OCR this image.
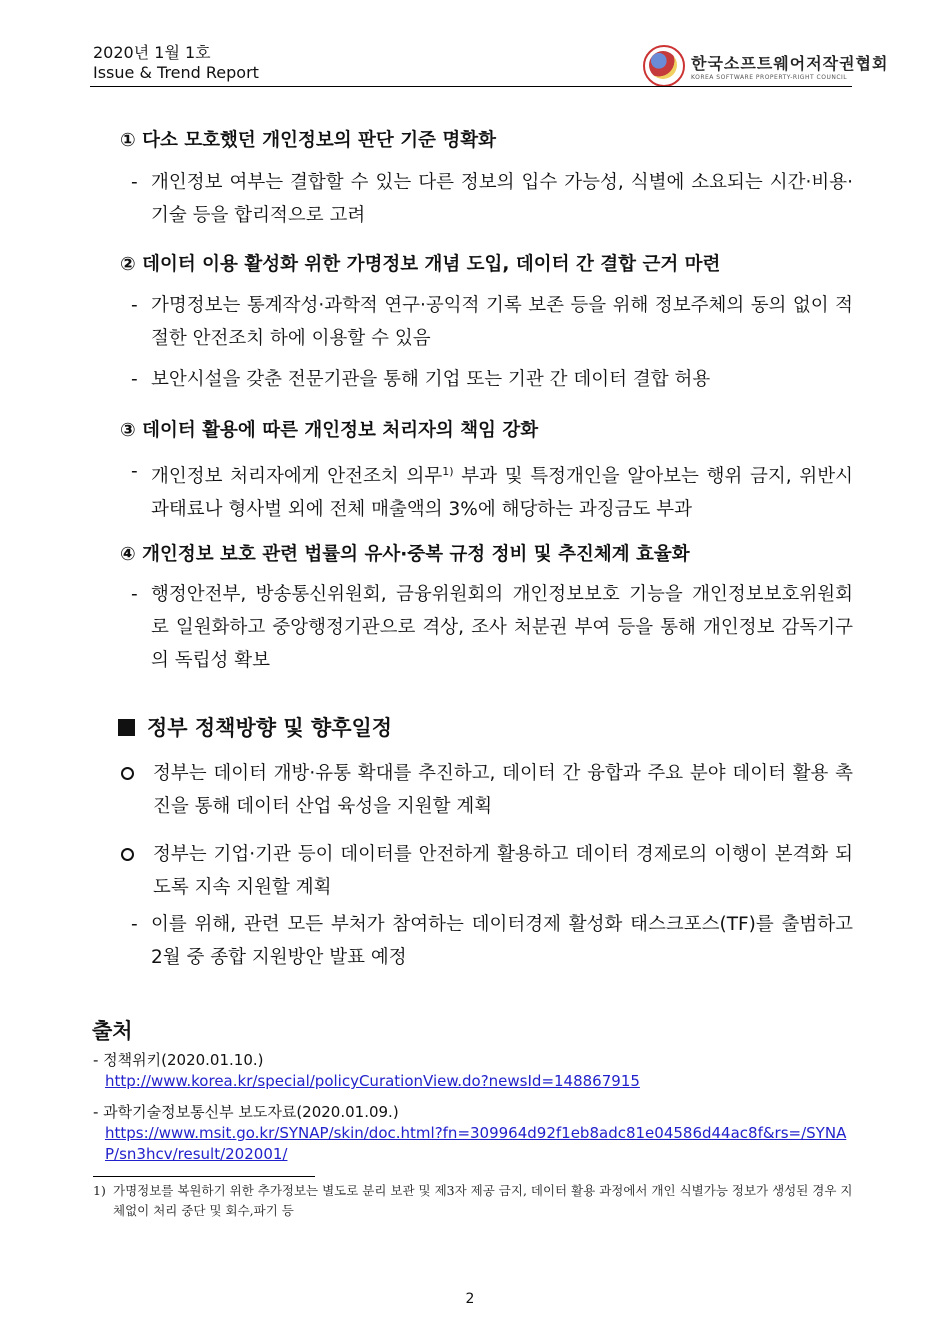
2020년 1월 1호
Issue & Trend Report	한국소프트웨어저작권협회
KOREA SOFTWARE PROPERTY-RIGHT COUNCIL
① 다소 모호했던 개인정보의 판단 기준 명확화
- 개인정보 여부는 결합할 수 있는 다른 정보의 입수 가능성, 식별에 소요되는 시간·비용·기술 등을 합리적으로 고려
② 데이터 이용 활성화 위한 가명정보 개념 도입, 데이터 간 결합 근거 마련
- 가명정보는 통계작성·과학적 연구·공익적 기록 보존 등을 위해 정보주체의 동의 없이 적절한 안전조치 하에 이용할 수 있음
- 보안시설을 갖춘 전문기관을 통해 기업 또는 기관 간 데이터 결합 허용
③ 데이터 활용에 따른 개인정보 처리자의 책임 강화
- 개인정보 처리자에게 안전조치 의무$^{1)}$ 부과 및 특정개인을 알아보는 행위 금지, 위반시 과태료나 형사벌 외에 전체 매출액의 3%에 해당하는 과징금도 부과
④ 개인정보 보호 관련 법률의 유사·중복 규정 정비 및 추진체계 효율화
- 행정안전부, 방송통신위원회, 금융위원회의 개인정보보호 기능을 개인정보보호위원회로 일원화하고 중앙행정기관으로 격상, 조사 처분권 부여 등을 통해 개인정보 감독기구의 독립성 확보
정부 정책방향 및 향후일정
정부는 데이터 개방·유통 확대를 추진하고, 데이터 간 융합과 주요 분야 데이터 활용 촉진을 통해 데이터 산업 육성을 지원할 계획
정부는 기업·기관 등이 데이터를 안전하게 활용하고 데이터 경제로의 이행이 본격화 되도록 지속 지원할 계획
- 이를 위해, 관련 모든 부처가 참여하는 데이터경제 활성화 태스크포스(TF)를 출범하고 2월 중 종합 지원방안 발표 예정
출처
- 정책위키(2020.01.10.)
http://www.korea.kr/special/policyCurationView.do?newsId=148867915
- 과학기술정보통신부 보도자료(2020.01.09.)
https://www.msit.go.kr/SYNAP/skin/doc.html?fn=309964d92f1eb8adc81e04586d44ac8f&rs=/SYNAP/sn3hcv/result/202001/
1) 가명정보를 복원하기 위한 추가정보는 별도로 분리 보관 및 제3자 제공 금지, 데이터 활용 과정에서 개인 식별가능 정보가 생성된 경우 지체없이 처리 중단 및 회수,파기 등
2
